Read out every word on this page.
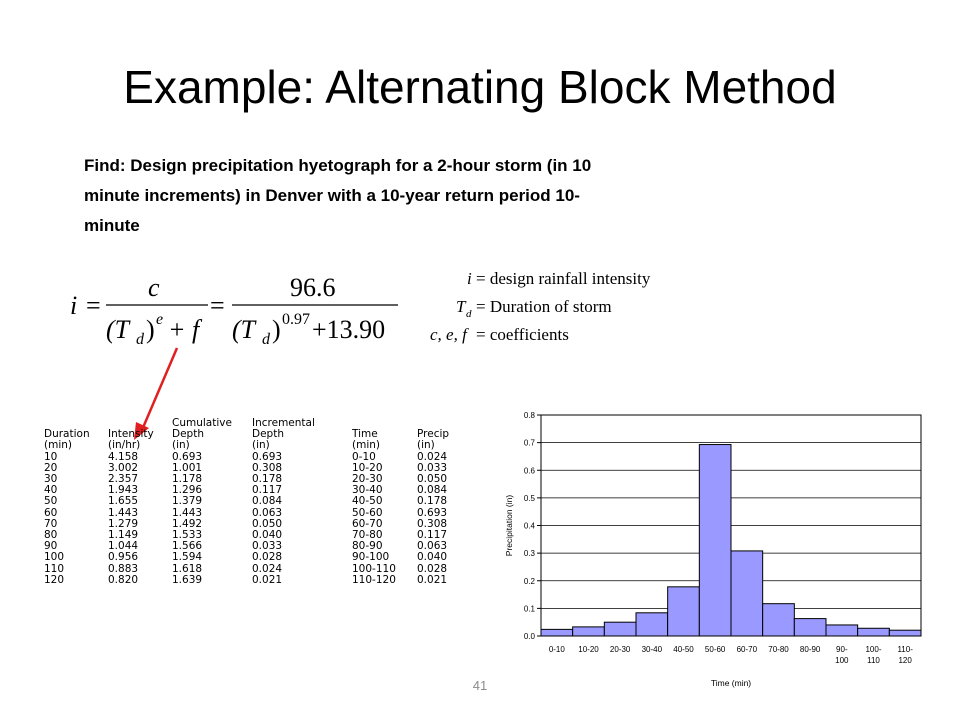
Example: Alternating Block Method
Find: Design precipitation hyetograph for a 2-hour storm (in 10
minute increments) in Denver with a 10-year return period 10-
minute
i =
c
(T d ) e + f
=
96.6
(T d ) 0.97 +13.90
i = design rainfall intensity
T d = Duration of storm
c, e, f = coefficients
		Cumulative	Incremental		
Duration	Intensity	Depth	Depth	Time	Precip
(min)	(in/hr)	(in)	(in)	(min)	(in)
10	4.158	0.693	0.693	0-10	0.024
20	3.002	1.001	0.308	10-20	0.033
30	2.357	1.178	0.178	20-30	0.050
40	1.943	1.296	0.117	30-40	0.084
50	1.655	1.379	0.084	40-50	0.178
60	1.443	1.443	0.063	50-60	0.693
70	1.279	1.492	0.050	60-70	0.308
80	1.149	1.533	0.040	70-80	0.117
90	1.044	1.566	0.033	80-90	0.063
100	0.956	1.594	0.028	90-100	0.040
110	0.883	1.618	0.024	100-110	0.028
120	0.820	1.639	0.021	110-120	0.021
0.0
0.1
0.2
0.3
0.4
0.5
0.6
0.7
0.8
0-10 10-20 20-30 30-40 40-50 50-60 60-70 70-80 80-90 90-100
100-110
110-120
Time (min)
Precipitation (in)
41
